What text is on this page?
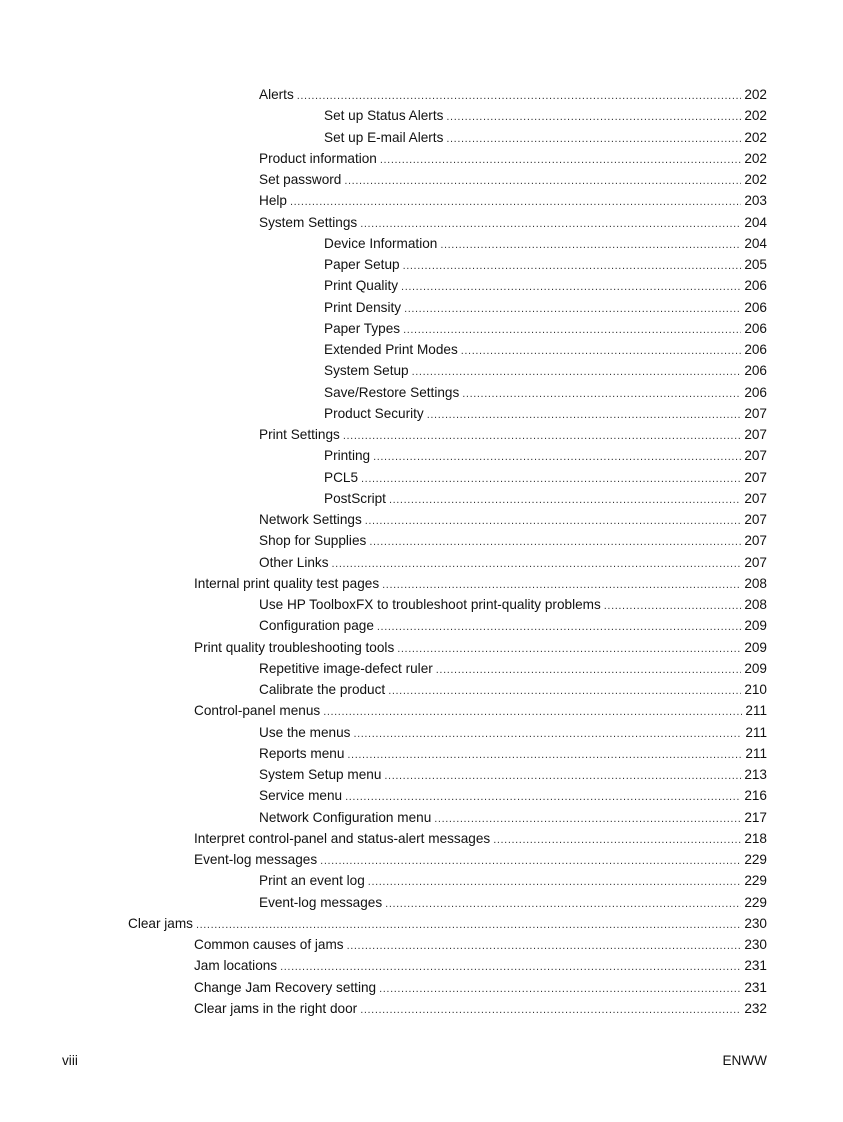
Alerts .....	202
Set up Status Alerts .....	202
Set up E-mail Alerts .....	202
Product information .....	202
Set password .....	202
Help .....	203
System Settings .....	204
Device Information .....	204
Paper Setup .....	205
Print Quality .....	206
Print Density .....	206
Paper Types .....	206
Extended Print Modes .....	206
System Setup .....	206
Save/Restore Settings .....	206
Product Security .....	207
Print Settings .....	207
Printing .....	207
PCL5 .....	207
PostScript .....	207
Network Settings .....	207
Shop for Supplies .....	207
Other Links .....	207
Internal print quality test pages .....	208
Use HP ToolboxFX to troubleshoot print-quality problems .....	208
Configuration page .....	209
Print quality troubleshooting tools .....	209
Repetitive image-defect ruler .....	209
Calibrate the product .....	210
Control-panel menus .....	211
Use the menus .....	211
Reports menu .....	211
System Setup menu .....	213
Service menu .....	216
Network Configuration menu .....	217
Interpret control-panel and status-alert messages .....	218
Event-log messages .....	229
Print an event log .....	229
Event-log messages .....	229
Clear jams .....	230
Common causes of jams .....	230
Jam locations .....	231
Change Jam Recovery setting .....	231
Clear jams in the right door .....	232
viii	ENWW
